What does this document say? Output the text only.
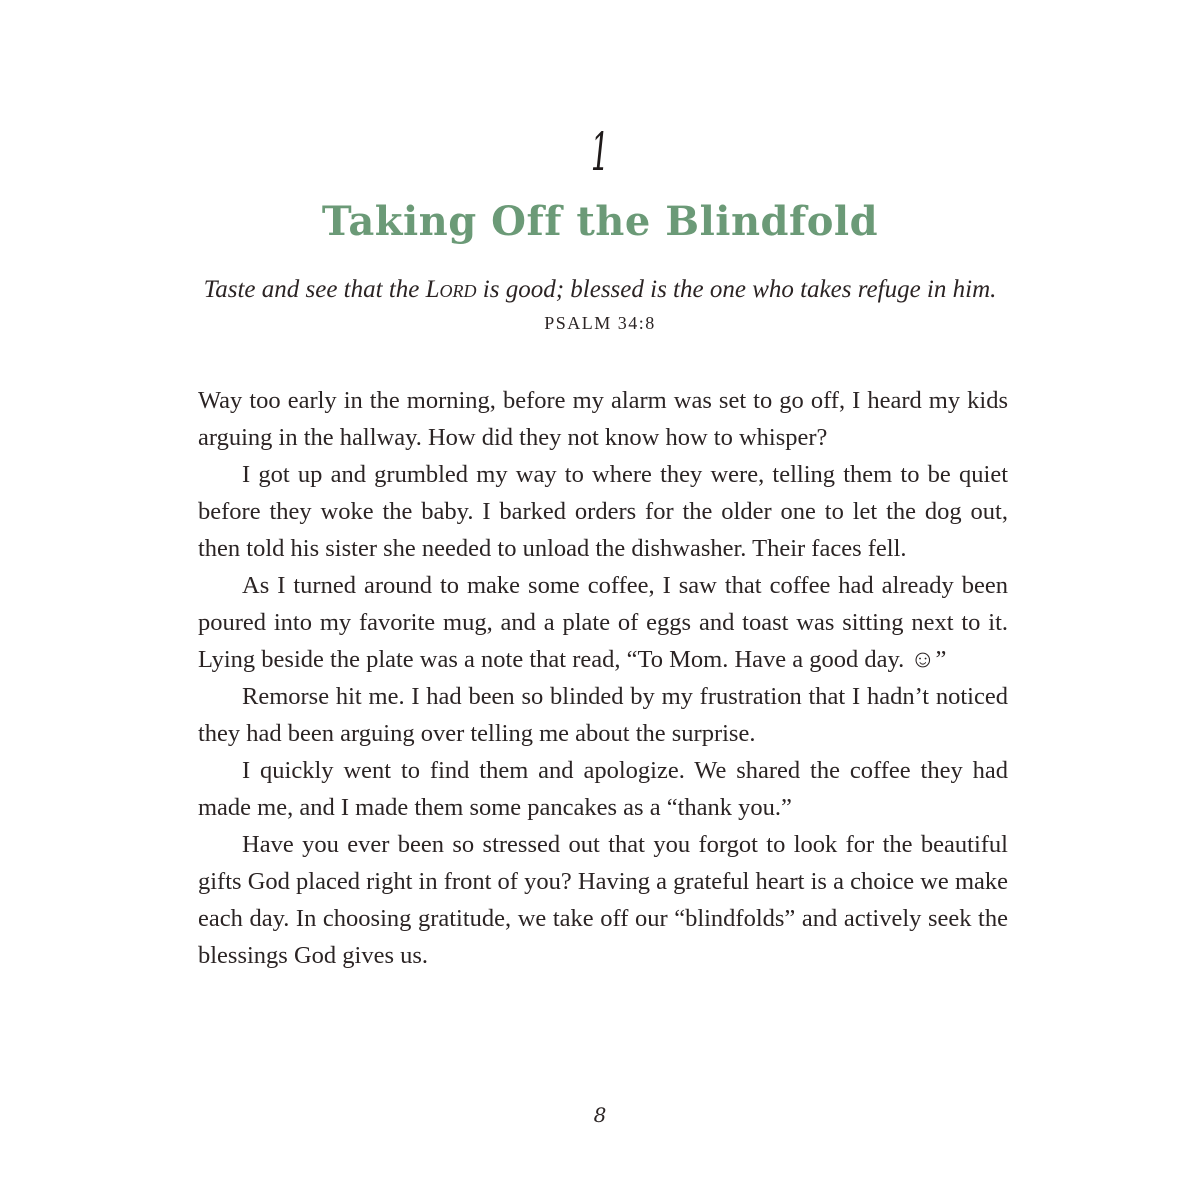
1
Taking Off the Blindfold
Taste and see that the Lord is good; blessed is the one who takes refuge in him.
PSALM 34:8

Way too early in the morning, before my alarm was set to go off, I heard my kids arguing in the hallway. How did they not know how to whisper?

I got up and grumbled my way to where they were, telling them to be quiet before they woke the baby. I barked orders for the older one to let the dog out, then told his sister she needed to unload the dishwasher. Their faces fell.

As I turned around to make some coffee, I saw that coffee had already been poured into my favorite mug, and a plate of eggs and toast was sitting next to it. Lying beside the plate was a note that read, “To Mom. Have a good day. ☺”

Remorse hit me. I had been so blinded by my frustration that I hadn’t noticed they had been arguing over telling me about the surprise.

I quickly went to find them and apologize. We shared the coffee they had made me, and I made them some pancakes as a “thank you.”

Have you ever been so stressed out that you forgot to look for the beautiful gifts God placed right in front of you? Having a grateful heart is a choice we make each day. In choosing gratitude, we take off our “blindfolds” and actively seek the blessings God gives us.

8
